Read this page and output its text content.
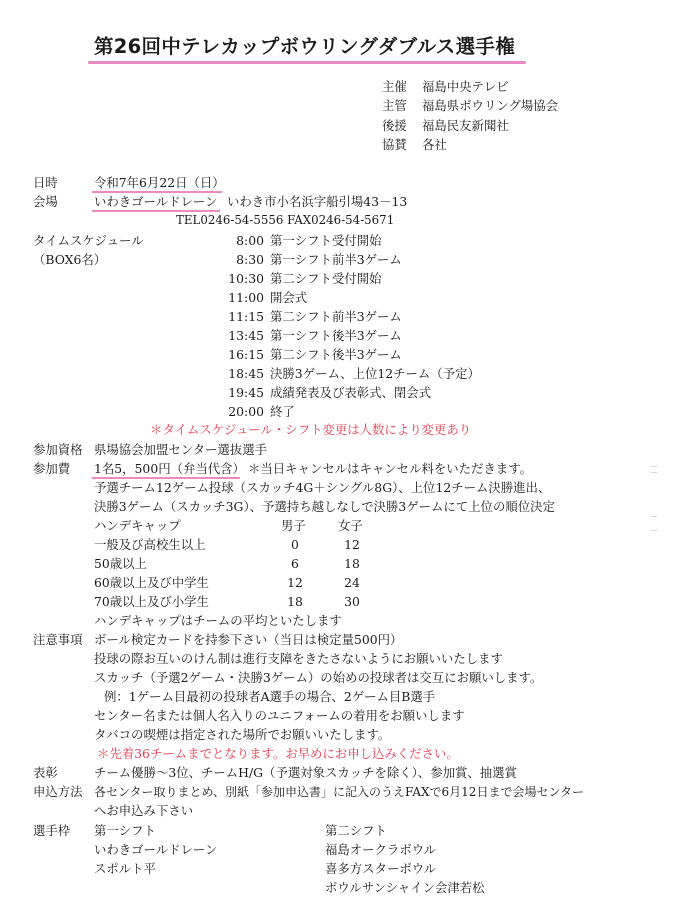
第26回中テレカップボウリングダブルス選手権
主催 福島中央テレビ
主管 福島県ボウリング場協会
後援 福島民友新聞社
協賛 各社
日時	令和7年6月22日（日）
会場	いわきゴールドレーン いわき市小名浜字船引場43－13
TEL0246-54-5556 FAX0246-54-5671
タイムスケジュール
（BOX6名）
8:00 第一シフト受付開始
8:30 第一シフト前半3ゲーム
10:30 第二シフト受付開始
11:00 開会式
11:15 第二シフト前半3ゲーム
13:45 第一シフト後半3ゲーム
16:15 第二シフト後半3ゲーム
18:45 決勝3ゲーム、上位12チーム（予定）
19:45 成績発表及び表彰式、閉会式
20:00 終了
＊タイムスケジュール・シフト変更は人数により変更あり
参加資格 県場協会加盟センター選抜選手
参加費 1名5，500円（弁当代含） ＊当日キャンセルはキャンセル料をいただきます。
予選チーム12ゲーム投球（スカッチ4G＋シングル8G）、上位12チーム決勝進出、
決勝3ゲーム（スカッチ3G）、予選持ち越しなしで決勝3ゲームにて上位の順位決定
ハンデキャップ	男子	女子
一般及び高校生以上	0	12
50歳以上	6	18
60歳以上及び中学生	12	24
70歳以上及び小学生	18	30
ハンデキャップはチームの平均といたします
注意事項 ボール検定カードを持参下さい（当日は検定量500円）
投球の際お互いのけん制は進行支障をきたさないようにお願いいたします
スカッチ（予選2ゲーム・決勝3ゲーム）の始めの投球者は交互にお願いします。
例：1ゲーム目最初の投球者A選手の場合、2ゲーム目B選手
センター名または個人名入りのユニフォームの着用をお願いします
タバコの喫煙は指定された場所でお願いいたします。
＊先着36チームまでとなります。お早めにお申し込みください。
表彰	チーム優勝～3位、チームH/G（予選対象スカッチを除く）、参加賞、抽選賞
申込方法 各センター取りまとめ、別紙「参加申込書」に記入のうえFAXで6月12日まで会場センター
へお申込み下さい
選手枠 第一シフト
いわきゴールドレーン
スポルト平
第二シフト
福島オークラボウル
喜多方スターボウル
ボウルサンシャイン会津若松
